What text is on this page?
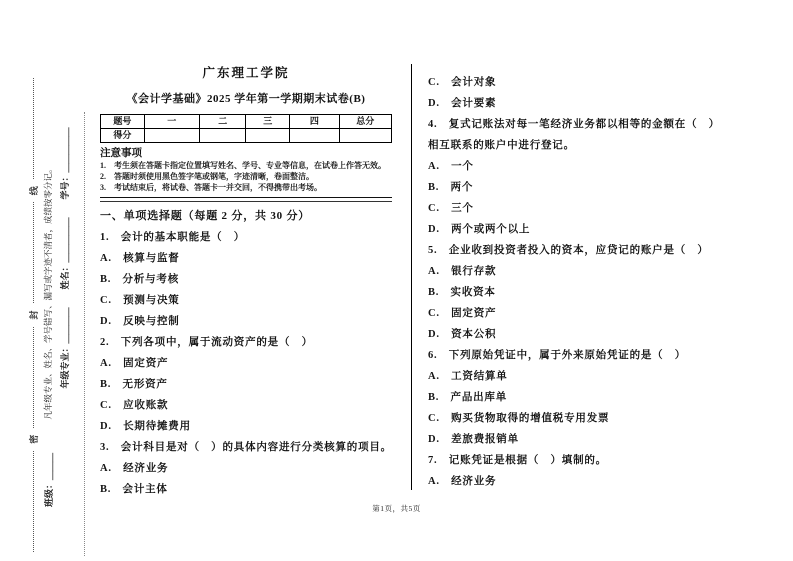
密
封
线 凡年级专业、姓名、学号错写、漏写或字迹不清者，成绩按零分记。 年级专业：＿＿＿＿　　姓名：＿＿＿＿＿　　学号：＿＿＿＿＿
班级：＿＿＿
广东理工学院
《会计学基础》2025 学年第一学期期末试卷(B)
题号	一	二	三	四	总分
得分					
注意事项
1.　考生须在答题卡指定位置填写姓名、学号、专业等信息，在试卷上作答无效。
2.　答题时须使用黑色签字笔或钢笔，字迹清晰，卷面整洁。
3.　考试结束后，将试卷、答题卡一并交回，不得携带出考场。
一、单项选择题（每题 2 分，共 30 分）
1.　会计的基本职能是（　）
A.　核算与监督
B.　分析与考核
C.　预测与决策
D.　反映与控制
2.　下列各项中，属于流动资产的是（　）
A.　固定资产
B.　无形资产
C.　应收账款
D.　长期待摊费用
3.　会计科目是对（　）的具体内容进行分类核算的项目。
A.　经济业务
B.　会计主体
C.　会计对象
D.　会计要素
4.　复式记账法对每一笔经济业务都以相等的金额在（　）相互联系的账户中进行登记。
A.　一个
B.　两个
C.　三个
D.　两个或两个以上
5.　企业收到投资者投入的资本，应贷记的账户是（　）
A.　银行存款
B.　实收资本
C.　固定资产
D.　资本公积
6.　下列原始凭证中，属于外来原始凭证的是（　）
A.　工资结算单
B.　产品出库单
C.　购买货物取得的增值税专用发票
D.　差旅费报销单
7.　记账凭证是根据（　）填制的。
A.　经济业务
第1页，共5页
